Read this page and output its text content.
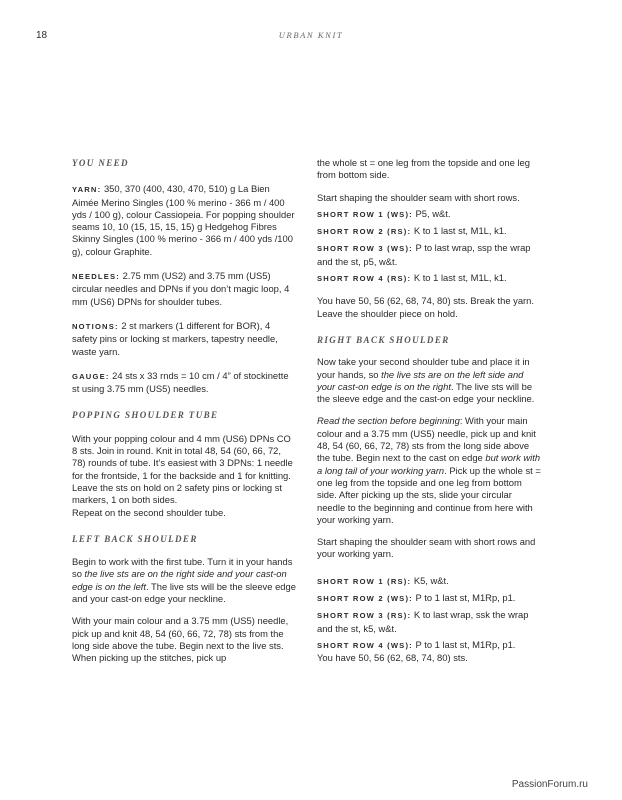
18	URBAN KNIT
YOU NEED

YARN: 350, 370 (400, 430, 470, 510) g La Bien Aimée Merino Singles (100 % merino - 366 m / 400 yds / 100 g), colour Cassiopeia. For popping shoulder seams 10, 10 (15, 15, 15, 15) g Hedgehog Fibres Skinny Singles (100 % merino - 366 m / 400 yds /100 g), colour Graphite.

NEEDLES: 2.75 mm (US2) and 3.75 mm (US5) circular needles and DPNs if you don’t magic loop, 4 mm (US6) DPNs for shoulder tubes.

NOTIONS: 2 st markers (1 different for BOR), 4 safety pins or locking st markers, tapestry needle, waste yarn.

GAUGE: 24 sts x 33 rnds = 10 cm / 4” of stockinette st using 3.75 mm (US5) needles.

POPPING SHOULDER TUBE

With your popping colour and 4 mm (US6) DPNs CO 8 sts. Join in round. Knit in total 48, 54 (60, 66, 72, 78) rounds of tube. It’s easiest with 3 DPNs: 1 needle for the frontside, 1 for the backside and 1 for knitting. Leave the sts on hold on 2 safety pins or locking st markers, 1 on both sides.

Repeat on the second shoulder tube.

LEFT BACK SHOULDER

Begin to work with the first tube. Turn it in your hands so the live sts are on the right side and your cast-on edge is on the left. The live sts will be the sleeve edge and your cast-on edge your neckline.

With your main colour and a 3.75 mm (US5) needle, pick up and knit 48, 54 (60, 66, 72, 78) sts from the long side above the tube. Begin next to the live sts. When picking up the stitches, pick up

the whole st = one leg from the topside and one leg from bottom side.

Start shaping the shoulder seam with short rows.

SHORT ROW 1 (WS): P5, w&t.

SHORT ROW 2 (RS): K to 1 last st, M1L, k1.

SHORT ROW 3 (WS): P to last wrap, ssp the wrap and the st, p5, w&t.

SHORT ROW 4 (RS): K to 1 last st, M1L, k1.

You have 50, 56 (62, 68, 74, 80) sts. Break the yarn. Leave the shoulder piece on hold.

RIGHT BACK SHOULDER

Now take your second shoulder tube and place it in your hands, so the live sts are on the left side and your cast-on edge is on the right. The live sts will be the sleeve edge and the cast-on edge your neckline.

Read the section before beginning: With your main colour and a 3.75 mm (US5) needle, pick up and knit 48, 54 (60, 66, 72, 78) sts from the long side above the tube. Begin next to the cast on edge but work with a long tail of your working yarn. Pick up the whole st = one leg from the topside and one leg from bottom side. After picking up the sts, slide your circular needle to the beginning and continue from here with your working yarn.

Start shaping the shoulder seam with short rows and your working yarn.

SHORT ROW 1 (RS): K5, w&t.

SHORT ROW 2 (WS): P to 1 last st, M1Rp, p1.

SHORT ROW 3 (RS): K to last wrap, ssk the wrap and the st, k5, w&t.

SHORT ROW 4 (WS): P to 1 last st, M1Rp, p1.

You have 50, 56 (62, 68, 74, 80) sts.

PassionForum.ru
